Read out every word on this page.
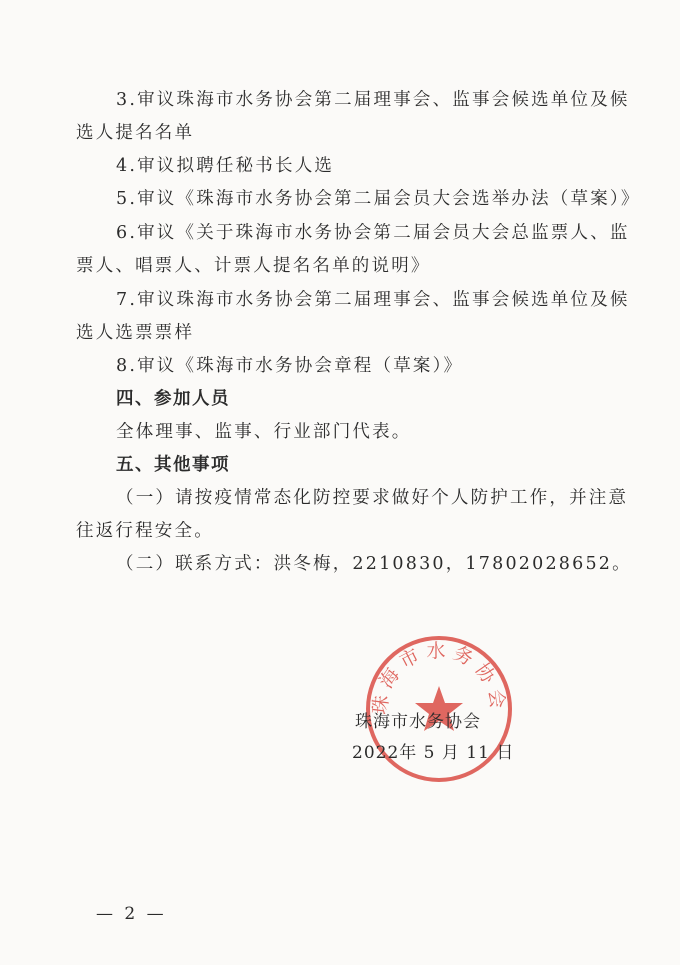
3.审议珠海市水务协会第二届理事会、监事会候选单位及候
选人提名名单
4.审议拟聘任秘书长人选
5.审议《珠海市水务协会第二届会员大会选举办法（草案）》
6.审议《关于珠海市水务协会第二届会员大会总监票人、监
票人、唱票人、计票人提名名单的说明》
7.审议珠海市水务协会第二届理事会、监事会候选单位及候
选人选票票样
8.审议《珠海市水务协会章程（草案）》
四、参加人员
全体理事、监事、行业部门代表。
五、其他事项
（一）请按疫情常态化防控要求做好个人防护工作，并注意
往返行程安全。
（二）联系方式：洪冬梅，2210830，17802028652。
珠海市水务协会
珠海市水务协会
2022年 5 月 11 日
— 2 —
